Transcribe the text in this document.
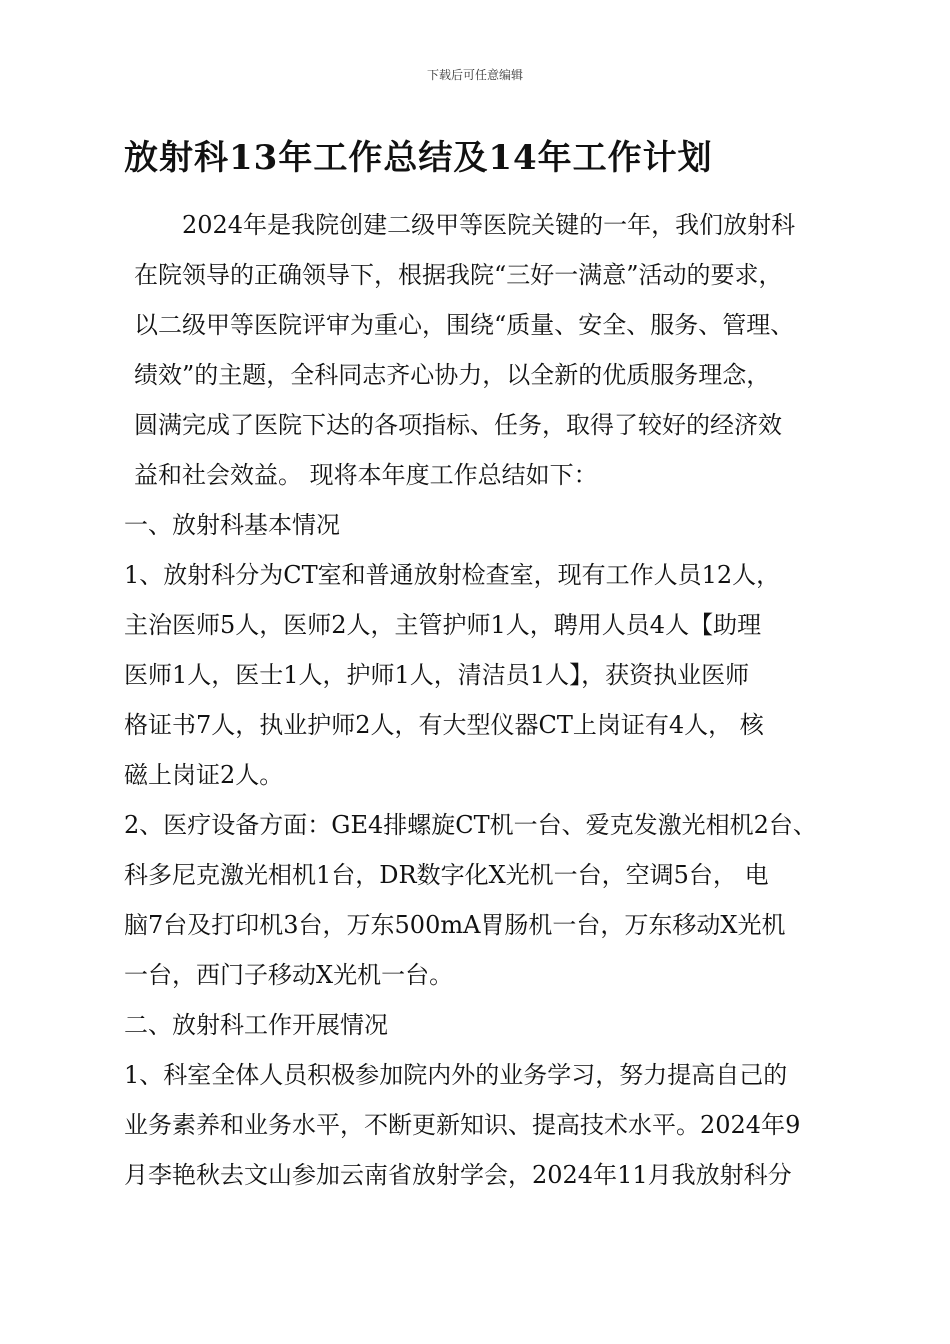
下载后可任意编辑
放射科13年工作总结及14年工作计划
2024年是我院创建二级甲等医院关键的一年，我们放射科
在院领导的正确领导下，根据我院“三好一满意”活动的要求，
以二级甲等医院评审为重心，围绕“质量、安全、服务、管理、
绩效”的主题，全科同志齐心协力，以全新的优质服务理念，
圆满完成了医院下达的各项指标、任务，取得了较好的经济效
益和社会效益。 现将本年度工作总结如下：
一、放射科基本情况
1、放射科分为CT室和普通放射检查室，现有工作人员12人，
主治医师5人，医师2人，主管护师1人，聘用人员4人【助理
医师1人，医士1人，护师1人，清洁员1人】，获资执业医师
格证书7人，执业护师2人，有大型仪器CT上岗证有4人， 核
磁上岗证2人。
2、医疗设备方面：GE4排螺旋CT机一台、爱克发激光相机2台、
科多尼克激光相机1台，DR数字化X光机一台，空调5台， 电
脑7台及打印机3台，万东500mA胃肠机一台，万东移动X光机
一台，西门子移动X光机一台。
二、放射科工作开展情况
1、科室全体人员积极参加院内外的业务学习，努力提高自己的
业务素养和业务水平，不断更新知识、提高技术水平。2024年9
月李艳秋去文山参加云南省放射学会，2024年11月我放射科分
